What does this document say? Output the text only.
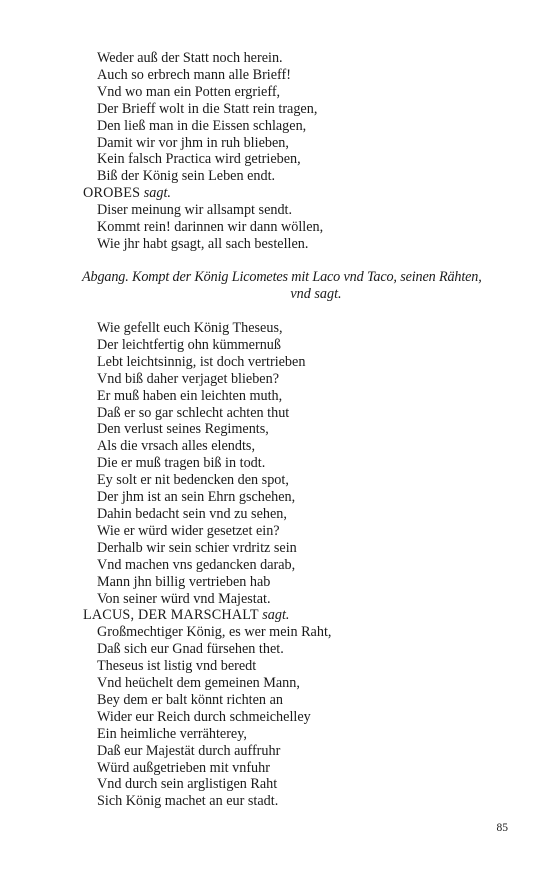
Weder auß der Statt noch herein.
Auch so erbrech mann alle Brieff!
Vnd wo man ein Potten ergrieff,
Der Brieff wolt in die Statt rein tragen,
Den ließ man in die Eissen schlagen,
Damit wir vor jhm in ruh blieben,
Kein falsch Practica wird getrieben,
Biß der König sein Leben endt.
OROBES sagt.
Diser meinung wir allsampt sendt.
Kommt rein! darinnen wir dann wöllen,
Wie jhr habt gsagt, all sach bestellen.
Abgang. Kompt der König Licometes mit Laco vnd Taco, seinen Rähten,
vnd sagt.
Wie gefellt euch König Theseus,
Der leichtfertig ohn kümmernuß
Lebt leichtsinnig, ist doch vertrieben
Vnd biß daher verjaget blieben?
Er muß haben ein leichten muth,
Daß er so gar schlecht achten thut
Den verlust seines Regiments,
Als die vrsach alles elendts,
Die er muß tragen biß in todt.
Ey solt er nit bedencken den spot,
Der jhm ist an sein Ehrn gschehen,
Dahin bedacht sein vnd zu sehen,
Wie er würd wider gesetzet ein?
Derhalb wir sein schier vrdritz sein
Vnd machen vns gedancken darab,
Mann jhn billig vertrieben hab
Von seiner würd vnd Majestat.
LACUS, DER MARSCHALT sagt.
Großmechtiger König, es wer mein Raht,
Daß sich eur Gnad fürsehen thet.
Theseus ist listig vnd beredt
Vnd heüchelt dem gemeinen Mann,
Bey dem er balt könnt richten an
Wider eur Reich durch schmeichelley
Ein heimliche verrähterey,
Daß eur Majestät durch auffruhr
Würd außgetrieben mit vnfuhr
Vnd durch sein arglistigen Raht
Sich König machet an eur stadt.
85
